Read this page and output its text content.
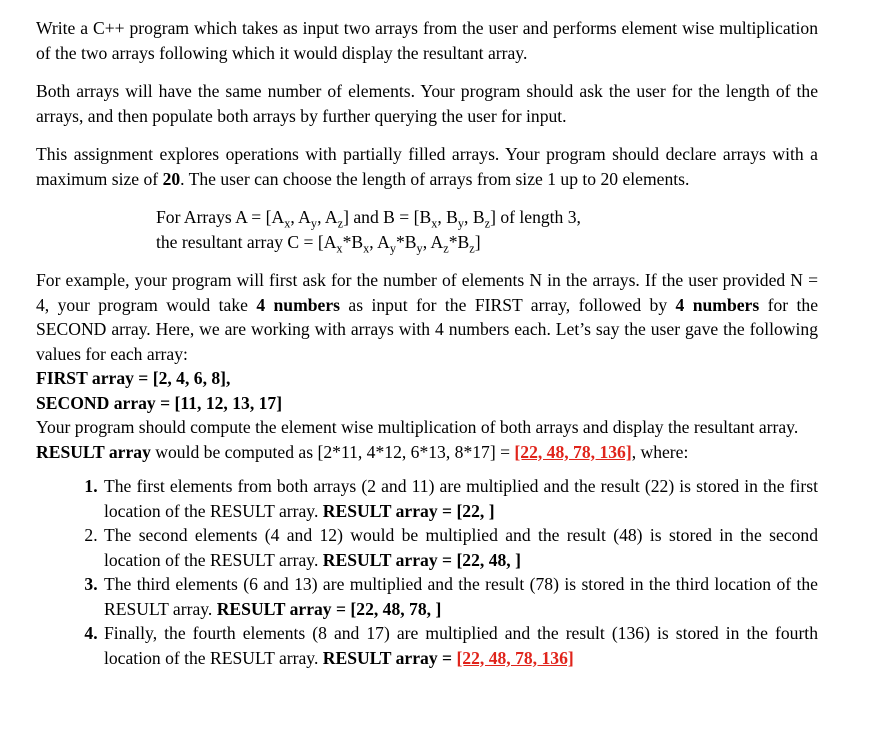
Write a C++ program which takes as input two arrays from the user and performs element wise multiplication of the two arrays following which it would display the resultant array.

Both arrays will have the same number of elements. Your program should ask the user for the length of the arrays, and then populate both arrays by further querying the user for input.

This assignment explores operations with partially filled arrays. Your program should declare arrays with a maximum size of 20. The user can choose the length of arrays from size 1 up to 20 elements.

For Arrays $A = [A_x$, $A_y$, $A_z$] and $B = [B_x$, $B_y$, $B_z$] of length 3,
the resultant array $C = [A_x*B_x$, $A_y*B_y$, $A_z*B_z$]

For example, your program will first ask for the number of elements N in the arrays. If the user provided N = 4, your program would take 4 numbers as input for the FIRST array, followed by 4 numbers for the SECOND array. Here, we are working with arrays with 4 numbers each. Let’s say the user gave the following values for each array:

FIRST array = [2, 4, 6, 8],

SECOND array = [11, 12, 13, 17]

Your program should compute the element wise multiplication of both arrays and display the resultant array.

RESULT array would be computed as [2*11, 4*12, 6*13, 8*17] = [22, 48, 78, 136], where:

1. The first elements from both arrays (2 and 11) are multiplied and the result (22) is stored in the first location of the RESULT array. RESULT array = [22, ]
2. The second elements (4 and 12) would be multiplied and the result (48) is stored in the second location of the RESULT array. RESULT array = [22, 48, ]
3. The third elements (6 and 13) are multiplied and the result (78) is stored in the third location of the RESULT array. RESULT array = [22, 48, 78, ]
4. Finally, the fourth elements (8 and 17) are multiplied and the result (136) is stored in the fourth location of the RESULT array. RESULT array = [22, 48, 78, 136]
